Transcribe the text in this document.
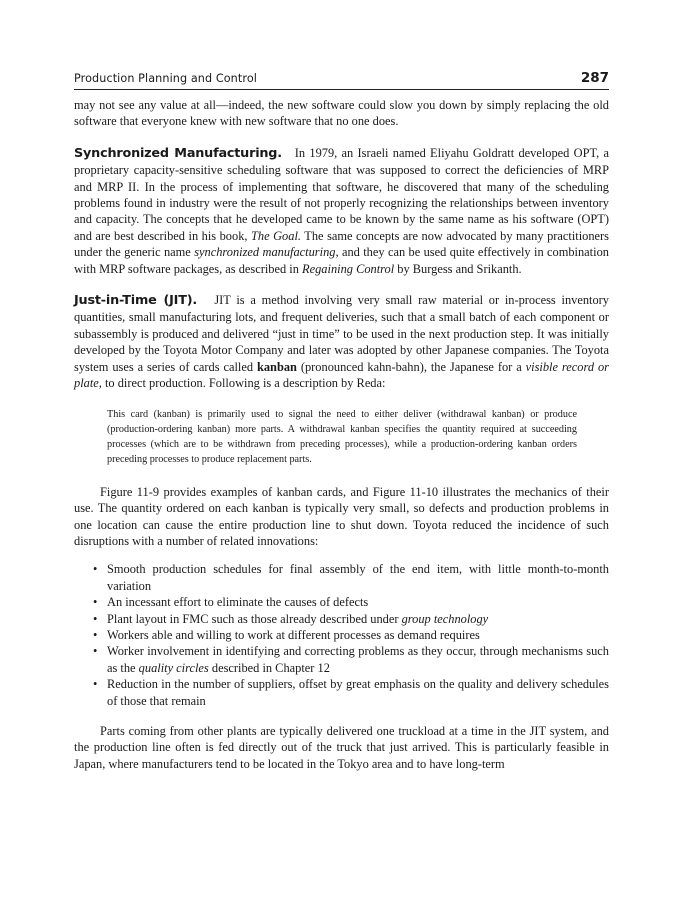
Production Planning and Control	287

may not see any value at all—indeed, the new software could slow you down by simply replacing the old software that everyone knew with new software that no one does.

Synchronized Manufacturing. In 1979, an Israeli named Eliyahu Goldratt developed OPT, a proprietary capacity-sensitive scheduling software that was supposed to correct the deficiencies of MRP and MRP II. In the process of implementing that software, he discovered that many of the scheduling problems found in industry were the result of not properly recognizing the relationships between inventory and capacity. The concepts that he developed came to be known by the same name as his software (OPT) and are best described in his book, The Goal. The same concepts are now advocated by many practitioners under the generic name synchronized manufacturing, and they can be used quite effectively in combination with MRP software packages, as described in Regaining Control by Burgess and Srikanth.

Just-in-Time (JIT). JIT is a method involving very small raw material or in-process inventory quantities, small manufacturing lots, and frequent deliveries, such that a small batch of each component or subassembly is produced and delivered “just in time” to be used in the next production step. It was initially developed by the Toyota Motor Company and later was adopted by other Japanese companies. The Toyota system uses a series of cards called kanban (pronounced kahn-bahn), the Japanese for a visible record or plate, to direct production. Following is a description by Reda:

This card (kanban) is primarily used to signal the need to either deliver (withdrawal kanban) or produce (production-ordering kanban) more parts. A withdrawal kanban specifies the quantity required at succeeding processes (which are to be withdrawn from preceding processes), while a production-ordering kanban orders preceding processes to produce replacement parts.

Figure 11-9 provides examples of kanban cards, and Figure 11-10 illustrates the mechanics of their use. The quantity ordered on each kanban is typically very small, so defects and production problems in one location can cause the entire production line to shut down. Toyota reduced the incidence of such disruptions with a number of related innovations:

• Smooth production schedules for final assembly of the end item, with little month-to-month variation
• An incessant effort to eliminate the causes of defects
• Plant layout in FMC such as those already described under group technology
• Workers able and willing to work at different processes as demand requires
• Worker involvement in identifying and correcting problems as they occur, through mechanisms such as the quality circles described in Chapter 12
• Reduction in the number of suppliers, offset by great emphasis on the quality and delivery schedules of those that remain

Parts coming from other plants are typically delivered one truckload at a time in the JIT system, and the production line often is fed directly out of the truck that just arrived. This is particularly feasible in Japan, where manufacturers tend to be located in the Tokyo area and to have long-term
